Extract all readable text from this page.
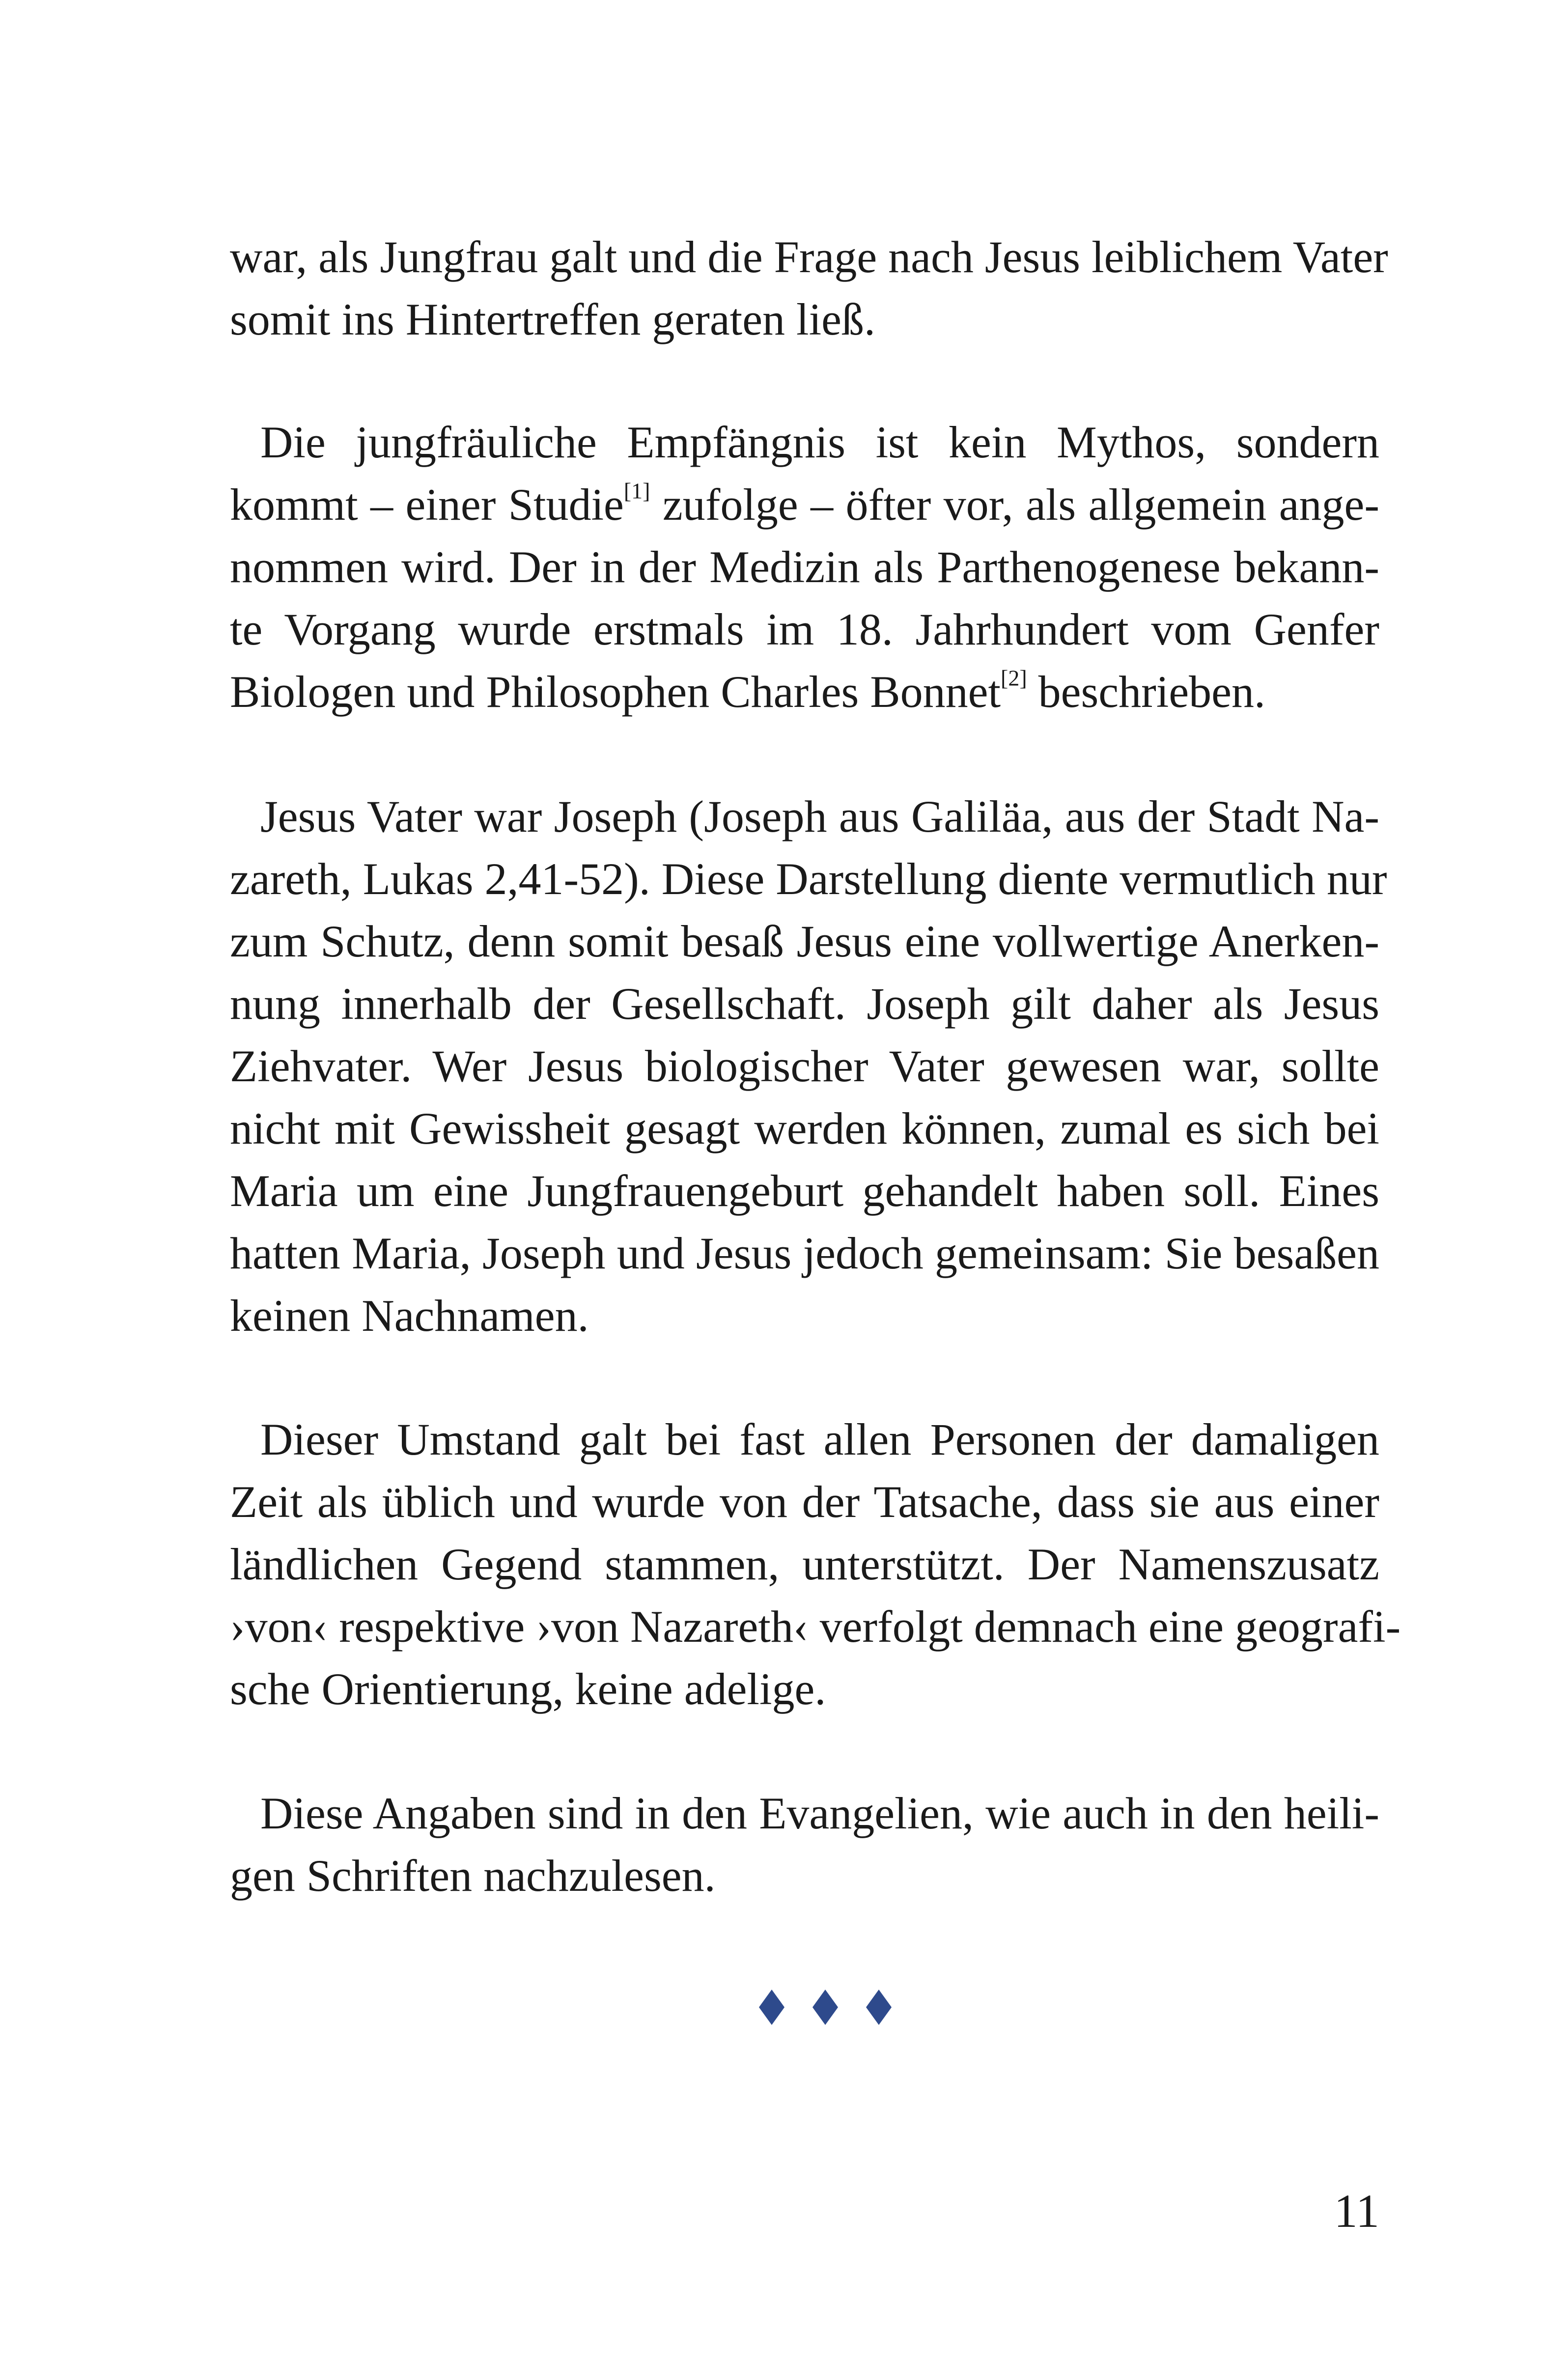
war, als Jungfrau galt und die Frage nach Jesus leiblichem Vater
somit ins Hintertreffen geraten ließ.
Die jungfräuliche Empfängnis ist kein Mythos, sondern
kommt – einer Studie[1] zufolge – öfter vor, als allgemein ange-
nommen wird. Der in der Medizin als Parthenogenese bekann-
te Vorgang wurde erstmals im 18. Jahrhundert vom Genfer
Biologen und Philosophen Charles Bonnet[2] beschrieben.
Jesus Vater war Joseph (Joseph aus Galiläa, aus der Stadt Na-
zareth, Lukas 2,41-52). Diese Darstellung diente vermutlich nur
zum Schutz, denn somit besaß Jesus eine vollwertige Anerken-
nung innerhalb der Gesellschaft. Joseph gilt daher als Jesus
Ziehvater. Wer Jesus biologischer Vater gewesen war, sollte
nicht mit Gewissheit gesagt werden können, zumal es sich bei
Maria um eine Jungfrauengeburt gehandelt haben soll. Eines
hatten Maria, Joseph und Jesus jedoch gemeinsam: Sie besaßen
keinen Nachnamen.
Dieser Umstand galt bei fast allen Personen der damaligen
Zeit als üblich und wurde von der Tatsache, dass sie aus einer
ländlichen Gegend stammen, unterstützt. Der Namenszusatz
›von‹ respektive ›von Nazareth‹ verfolgt demnach eine geografi-
sche Orientierung, keine adelige.
Diese Angaben sind in den Evangelien, wie auch in den heili-
gen Schriften nachzulesen.
11
